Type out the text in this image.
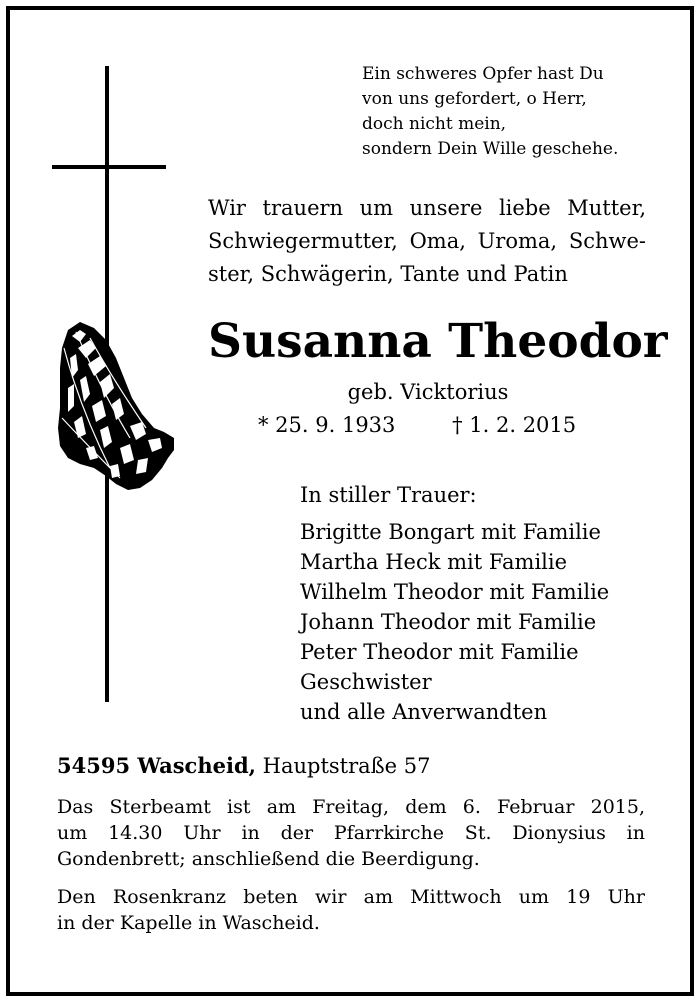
Ein schweres Opfer hast Du
von uns gefordert, o Herr,
doch nicht mein,
sondern Dein Wille geschehe.
Wir trauern um unsere liebe Mutter,
Schwiegermutter, Oma, Uroma, Schwe-
ster, Schwägerin, Tante und Patin
Susanna Theodor
geb. Vicktorius
* 25. 9. 1933	† 1. 2. 2015
In stiller Trauer:
Brigitte Bongart mit Familie
Martha Heck mit Familie
Wilhelm Theodor mit Familie
Johann Theodor mit Familie
Peter Theodor mit Familie
Geschwister
und alle Anverwandten
54595 Wascheid, Hauptstraße 57
Das Sterbeamt ist am Freitag, dem 6. Februar 2015,
um 14.30 Uhr in der Pfarrkirche St. Dionysius in
Gondenbrett; anschließend die Beerdigung.
Den Rosenkranz beten wir am Mittwoch um 19 Uhr
in der Kapelle in Wascheid.
